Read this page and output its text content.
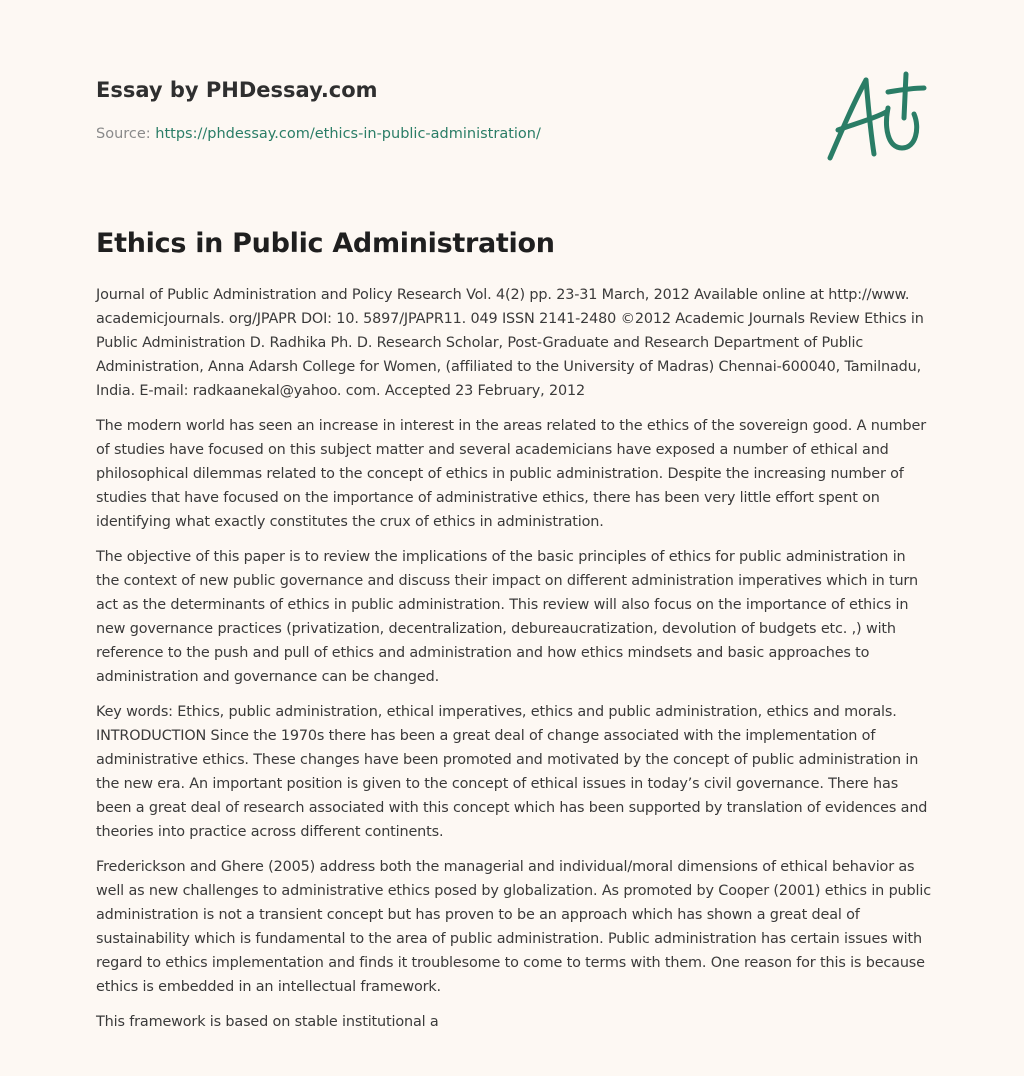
Essay by PHDessay.com
Source: https://phdessay.com/ethics-in-public-administration/
Ethics in Public Administration

Journal of Public Administration and Policy Research Vol. 4(2) pp. 23-31 March, 2012 Available online at http://www. academicjournals. org/JPAPR DOI: 10. 5897/JPAPR11. 049 ISSN 2141-2480 ©2012 Academic Journals Review Ethics in Public Administration D. Radhika Ph. D. Research Scholar, Post-Graduate and Research Department of Public Administration, Anna Adarsh College for Women, (affiliated to the University of Madras) Chennai-600040, Tamilnadu, India. E-mail: radkaanekal@yahoo. com. Accepted 23 February, 2012

The modern world has seen an increase in interest in the areas related to the ethics of the sovereign good. A number of studies have focused on this subject matter and several academicians have exposed a number of ethical and philosophical dilemmas related to the concept of ethics in public administration. Despite the increasing number of studies that have focused on the importance of administrative ethics, there has been very little effort spent on identifying what exactly constitutes the crux of ethics in administration.

The objective of this paper is to review the implications of the basic principles of ethics for public administration in the context of new public governance and discuss their impact on different administration imperatives which in turn act as the determinants of ethics in public administration. This review will also focus on the importance of ethics in new governance practices (privatization, decentralization, debureaucratization, devolution of budgets etc. ,) with reference to the push and pull of ethics and administration and how ethics mindsets and basic approaches to administration and governance can be changed.

Key words: Ethics, public administration, ethical imperatives, ethics and public administration, ethics and morals. INTRODUCTION Since the 1970s there has been a great deal of change associated with the implementation of administrative ethics. These changes have been promoted and motivated by the concept of public administration in the new era. An important position is given to the concept of ethical issues in today’s civil governance. There has been a great deal of research associated with this concept which has been supported by translation of evidences and theories into practice across different continents.

Frederickson and Ghere (2005) address both the managerial and individual/moral dimensions of ethical behavior as well as new challenges to administrative ethics posed by globalization. As promoted by Cooper (2001) ethics in public administration is not a transient concept but has proven to be an approach which has shown a great deal of sustainability which is fundamental to the area of public administration. Public administration has certain issues with regard to ethics implementation and finds it troublesome to come to terms with them. One reason for this is because ethics is embedded in an intellectual framework.

This framework is based on stable institutional a
